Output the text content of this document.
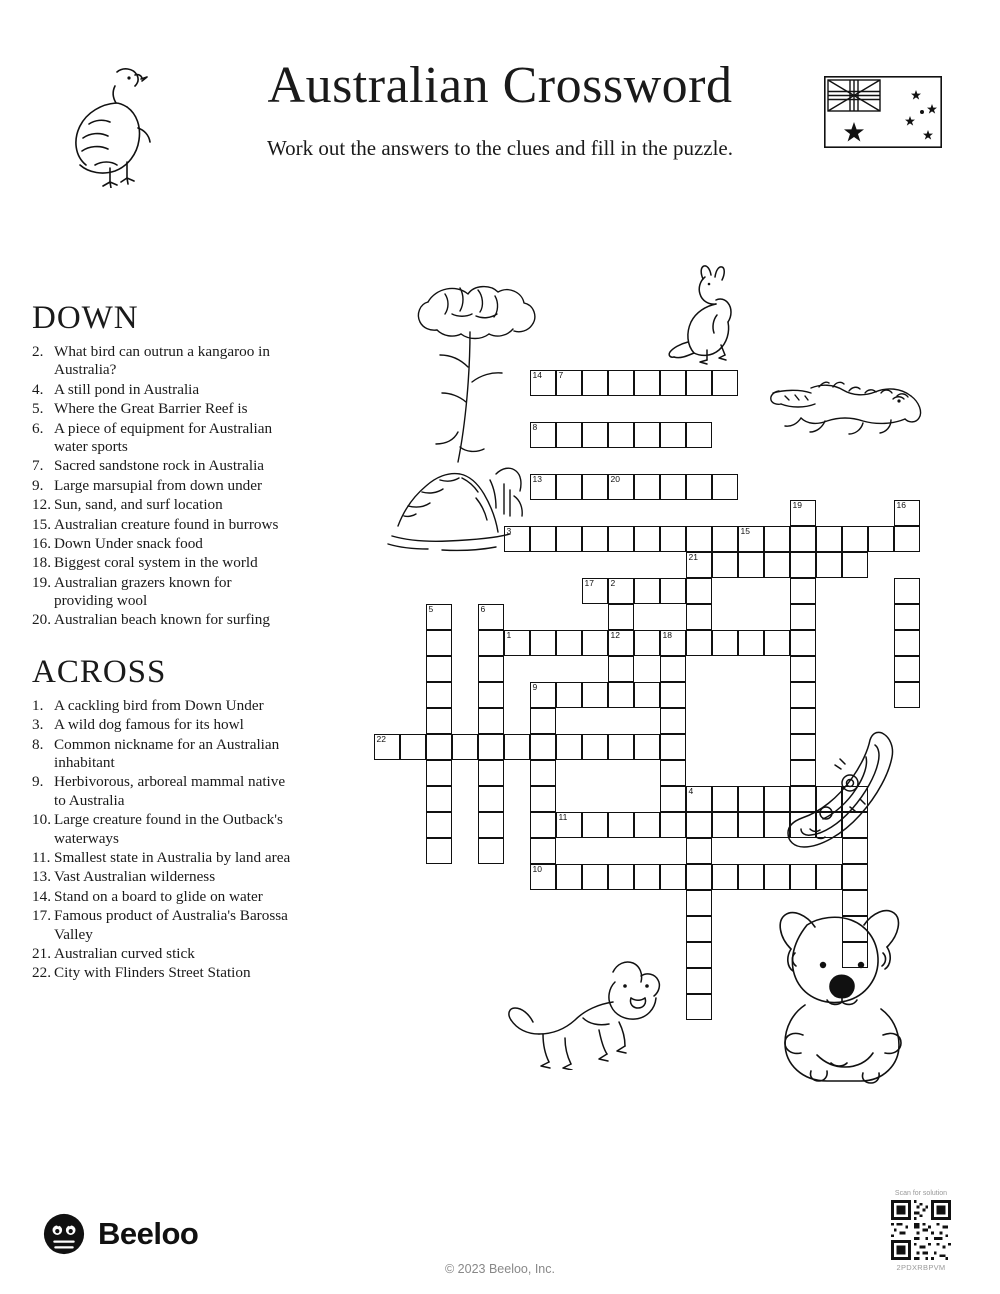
Australian Crossword
Work out the answers to the clues and fill in the puzzle.
DOWN
2. What bird can outrun a kangaroo in Australia?
4. A still pond in Australia
5. Where the Great Barrier Reef is
6. A piece of equipment for Australian water sports
7. Sacred sandstone rock in Australia
9. Large marsupial from down under
12. Sun, sand, and surf location
15. Australian creature found in burrows
16. Down Under snack food
18. Biggest coral system in the world
19. Australian grazers known for providing wool
20. Australian beach known for surfing
ACROSS
1. A cackling bird from Down Under
3. A wild dog famous for its howl
8. Common nickname for an Australian inhabitant
9. Herbivorous, arboreal mammal native to Australia
10. Large creature found in the Outback's waterways
11. Smallest state in Australia by land area
13. Vast Australian wilderness
14. Stand on a board to glide on water
17. Famous product of Australia's Barossa Valley
21. Australian curved stick
22. City with Flinders Street Station
14 7
8
13	20
19	16
3	15
21
17 2
5	6
1	12	18
9
22
4
11
10
Beeloo
© 2023 Beeloo, Inc.
Scan for solution
2PDXRBPVM
